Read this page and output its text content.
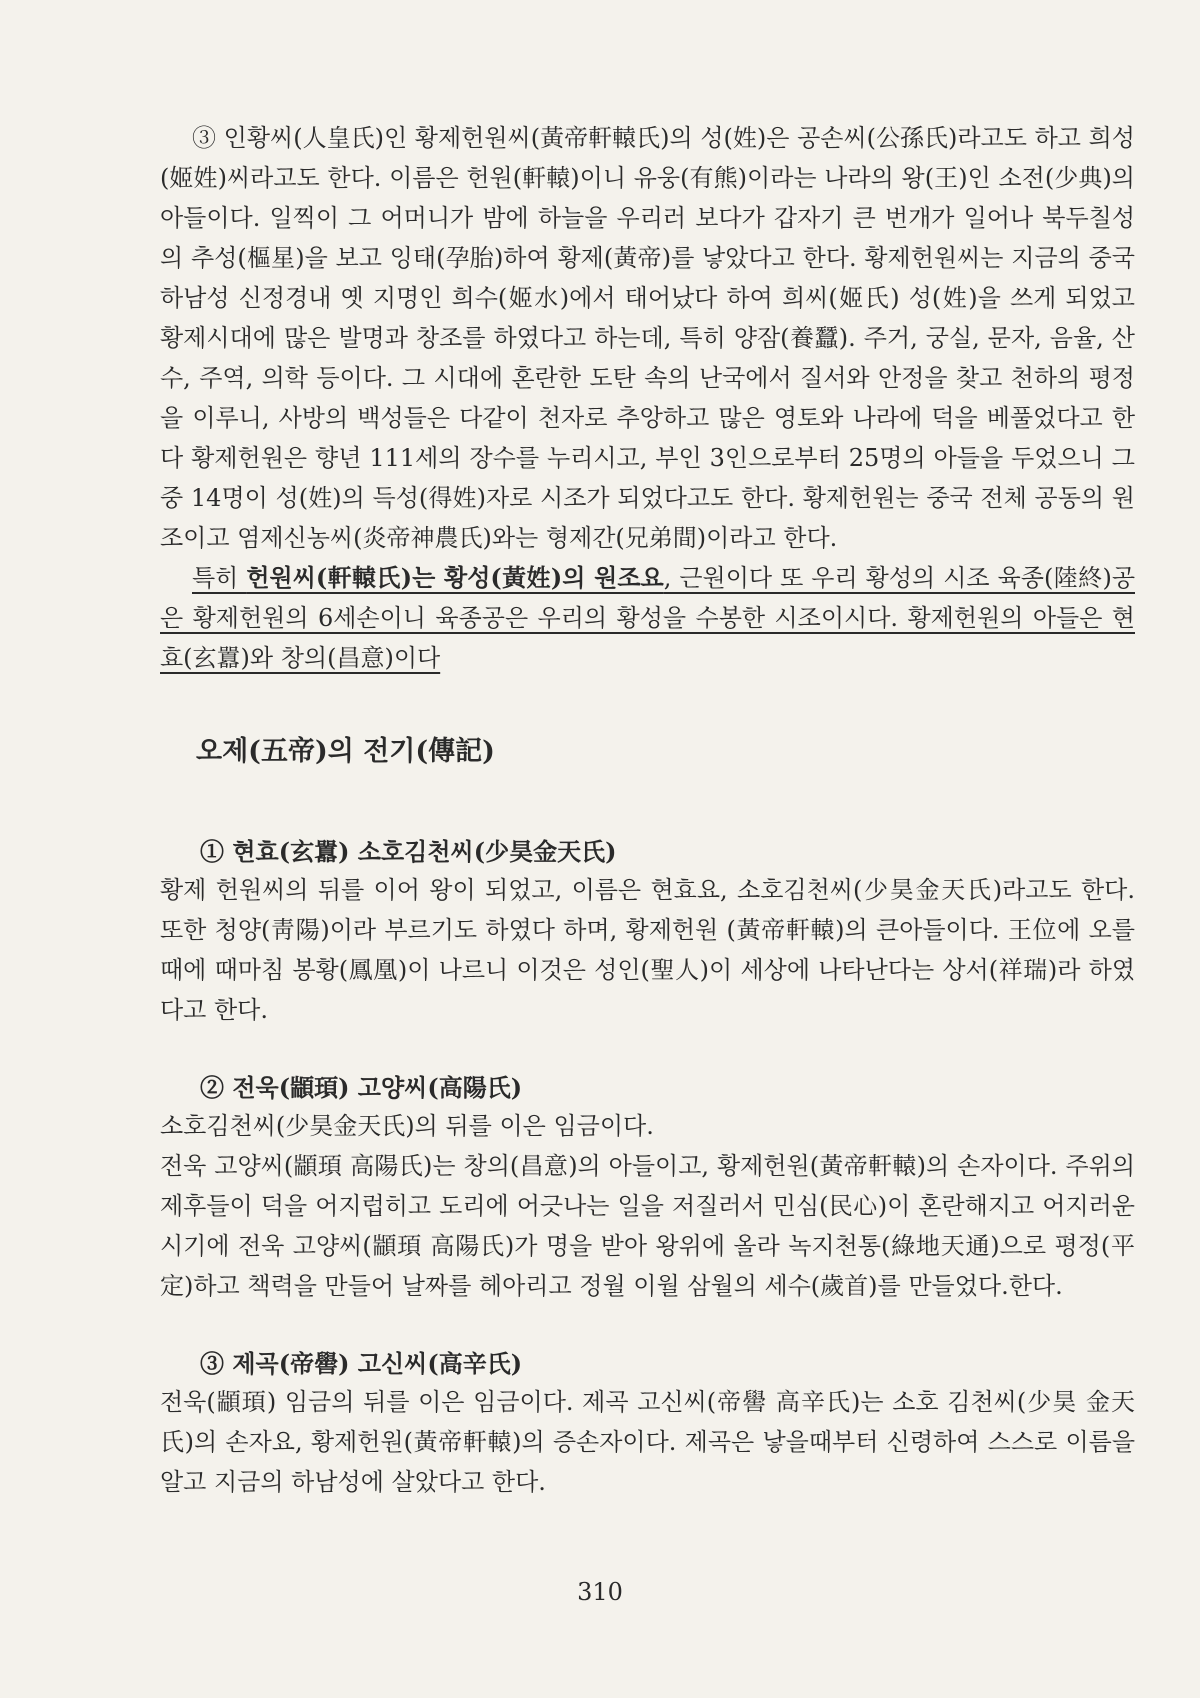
③ 인황씨(人皇氏)인 황제헌원씨(黃帝軒轅氏)의 성(姓)은 공손씨(公孫氏)라고도 하고 희성(姬姓)씨라고도 한다. 이름은 헌원(軒轅)이니 유웅(有熊)이라는 나라의 왕(王)인 소전(少典)의 아들이다. 일찍이 그 어머니가 밤에 하늘을 우리러 보다가 갑자기 큰 번개가 일어나 북두칠성의 추성(樞星)을 보고 잉태(孕胎)하여 황제(黃帝)를 낳았다고 한다. 황제헌원씨는 지금의 중국 하남성 신정경내 옛 지명인 희수(姬水)에서 태어났다 하여 희씨(姬氏) 성(姓)을 쓰게 되었고 황제시대에 많은 발명과 창조를 하였다고 하는데, 특히 양잠(養蠶). 주거, 궁실, 문자, 음율, 산수, 주역, 의학 등이다. 그 시대에 혼란한 도탄 속의 난국에서 질서와 안정을 찾고 천하의 평정을 이루니, 사방의 백성들은 다같이 천자로 추앙하고 많은 영토와 나라에 덕을 베풀었다고 한다 황제헌원은 향년 111세의 장수를 누리시고, 부인 3인으로부터 25명의 아들을 두었으니 그 중 14명이 성(姓)의 득성(得姓)자로 시조가 되었다고도 한다. 황제헌원는 중국 전체 공동의 원조이고 염제신농씨(炎帝神農氏)와는 형제간(兄弟間)이라고 한다.

특히 헌원씨(軒轅氏)는 황성(黃姓)의 원조요, 근원이다 또 우리 황성의 시조 육종(陸終)공은 황제헌원의 6세손이니 육종공은 우리의 황성을 수봉한 시조이시다. 황제헌원의 아들은 현효(玄囂)와 창의(昌意)이다

오제(五帝)의 전기(傳記)
① 현효(玄囂) 소호김천씨(少昊金天氏)

황제 헌원씨의 뒤를 이어 왕이 되었고, 이름은 현효요, 소호김천씨(少昊金天氏)라고도 한다. 또한 청양(靑陽)이라 부르기도 하였다 하며, 황제헌원 (黃帝軒轅)의 큰아들이다. 王位에 오를때에 때마침 봉황(鳳凰)이 나르니 이것은 성인(聖人)이 세상에 나타난다는 상서(祥瑞)라 하였다고 한다.

② 전욱(顓頊) 고양씨(高陽氏)

소호김천씨(少昊金天氏)의 뒤를 이은 임금이다.

전욱 고양씨(顓頊 高陽氏)는 창의(昌意)의 아들이고, 황제헌원(黃帝軒轅)의 손자이다. 주위의 제후들이 덕을 어지럽히고 도리에 어긋나는 일을 저질러서 민심(民心)이 혼란해지고 어지러운 시기에 전욱 고양씨(顓頊 高陽氏)가 명을 받아 왕위에 올라 녹지천통(綠地天通)으로 평정(平定)하고 책력을 만들어 날짜를 헤아리고 정월 이월 삼월의 세수(歲首)를 만들었다.한다.

③ 제곡(帝嚳) 고신씨(高辛氏)

전욱(顓頊) 임금의 뒤를 이은 임금이다. 제곡 고신씨(帝嚳 高辛氏)는 소호 김천씨(少昊 金天氏)의 손자요, 황제헌원(黃帝軒轅)의 증손자이다. 제곡은 낳을때부터 신령하여 스스로 이름을 알고 지금의 하남성에 살았다고 한다.

310
